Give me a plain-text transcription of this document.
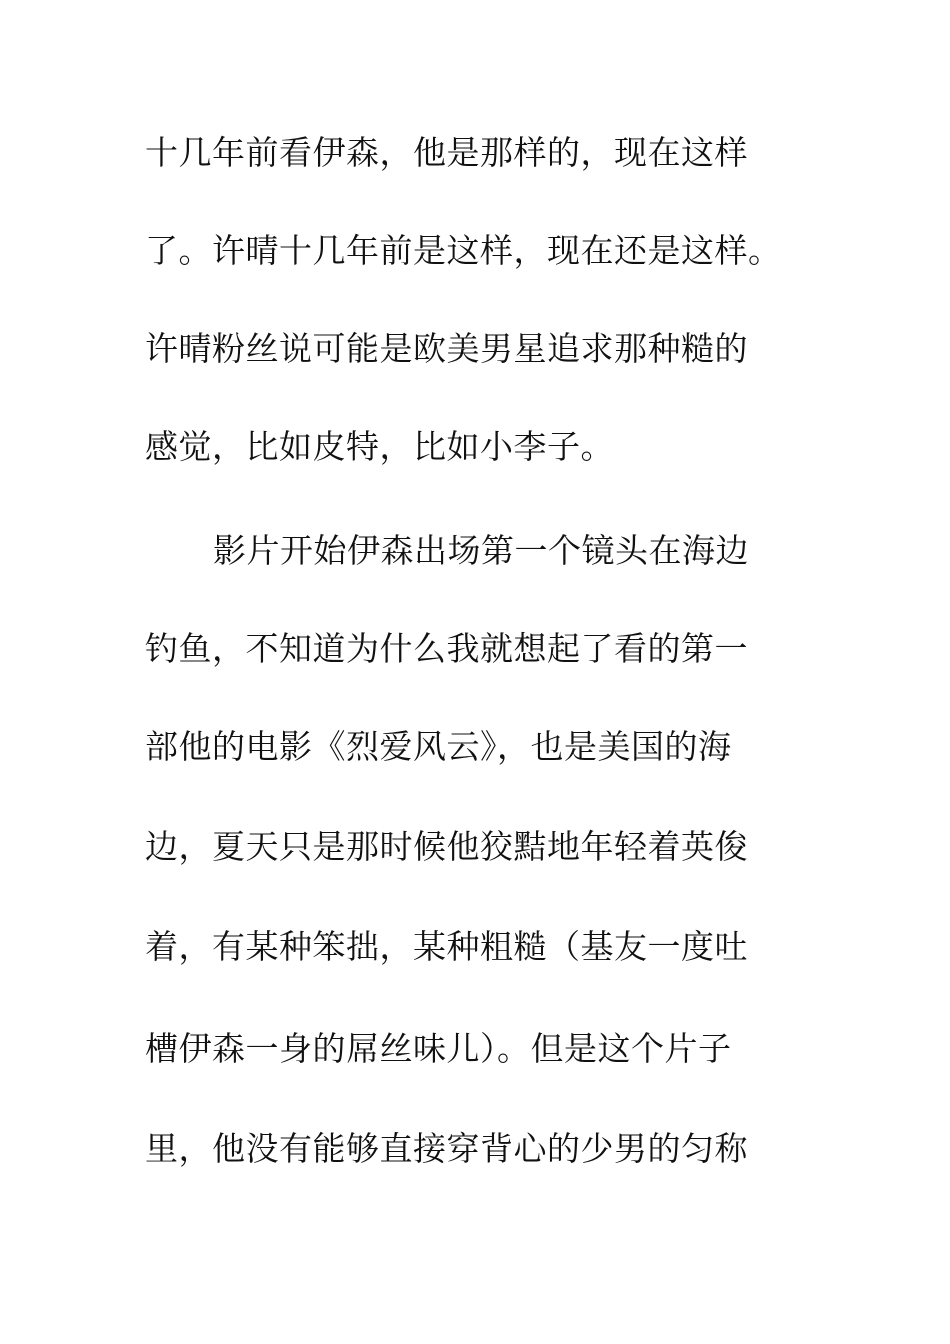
十几年前看伊森，他是那样的，现在这样
了。许晴十几年前是这样，现在还是这样。
许晴粉丝说可能是欧美男星追求那种糙的
感觉，比如皮特，比如小李子。
影片开始伊森出场第一个镜头在海边
钓鱼，不知道为什么我就想起了看的第一
部他的电影《烈爱风云》，也是美国的海
边，夏天只是那时候他狡黠地年轻着英俊
着，有某种笨拙，某种粗糙（基友一度吐
槽伊森一身的屌丝味儿）。但是这个片子
里，他没有能够直接穿背心的少男的匀称
